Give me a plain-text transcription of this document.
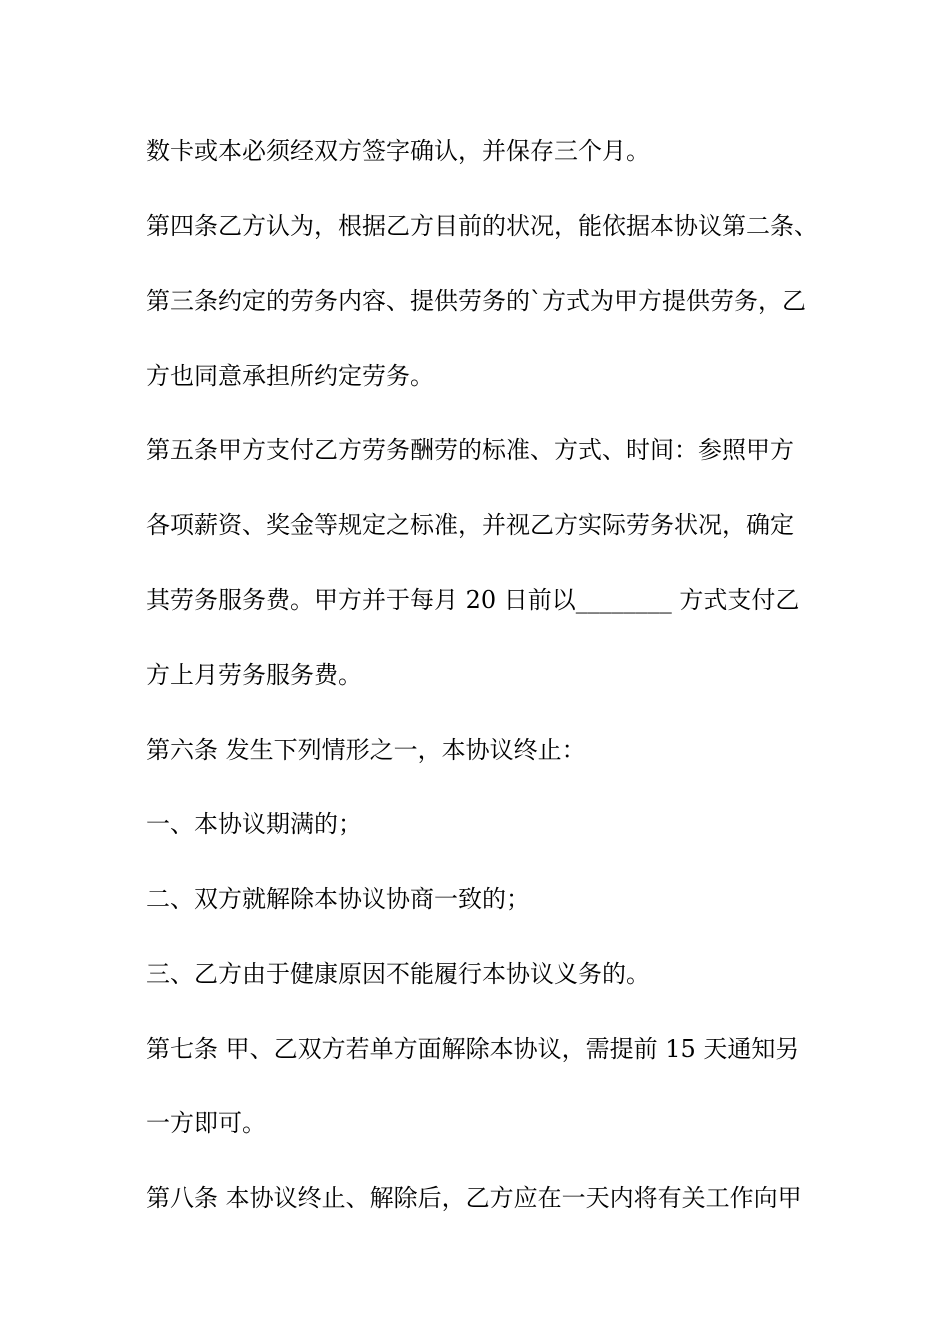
数卡或本必须经双方签字确认，并保存三个月。
第四条乙方认为，根据乙方目前的状况，能依据本协议第二条、
第三条约定的劳务内容、提供劳务的`方式为甲方提供劳务，乙
方也同意承担所约定劳务。
第五条甲方支付乙方劳务酬劳的标准、方式、时间：参照甲方
各项薪资、奖金等规定之标准，并视乙方实际劳务状况，确定
其劳务服务费。甲方并于每月 20 日前以________ 方式支付乙
方上月劳务服务费。
第六条 发生下列情形之一，本协议终止：
一、本协议期满的；
二、双方就解除本协议协商一致的；
三、乙方由于健康原因不能履行本协议义务的。
第七条 甲、乙双方若单方面解除本协议，需提前 15 天通知另
一方即可。
第八条 本协议终止、解除后，乙方应在一天内将有关工作向甲
